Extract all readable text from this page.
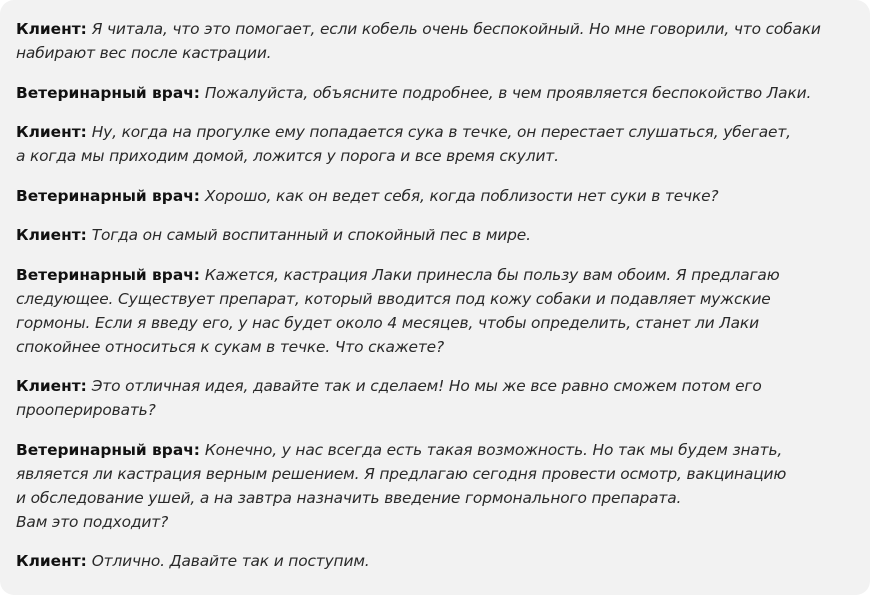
Клиент: Я читала, что это помогает, если кобель очень беспокойный. Но мне говорили, что собаки
набирают вес после кастрации.

Ветеринарный врач: Пожалуйста, объясните подробнее, в чем проявляется беспокойство Лаки.

Клиент: Ну, когда на прогулке ему попадается сука в течке, он перестает слушаться, убегает,
а когда мы приходим домой, ложится у порога и все время скулит.

Ветеринарный врач: Хорошо, как он ведет себя, когда поблизости нет суки в течке?

Клиент: Тогда он самый воспитанный и спокойный пес в мире.

Ветеринарный врач: Кажется, кастрация Лаки принесла бы пользу вам обоим. Я предлагаю
следующее. Существует препарат, который вводится под кожу собаки и подавляет мужские
гормоны. Если я введу его, у нас будет около 4 месяцев, чтобы определить, станет ли Лаки
спокойнее относиться к сукам в течке. Что скажете?

Клиент: Это отличная идея, давайте так и сделаем! Но мы же все равно сможем потом его
прооперировать?

Ветеринарный врач: Конечно, у нас всегда есть такая возможность. Но так мы будем знать,
является ли кастрация верным решением. Я предлагаю сегодня провести осмотр, вакцинацию
и обследование ушей, а на завтра назначить введение гормонального препарата.
Вам это подходит?

Клиент: Отлично. Давайте так и поступим.
